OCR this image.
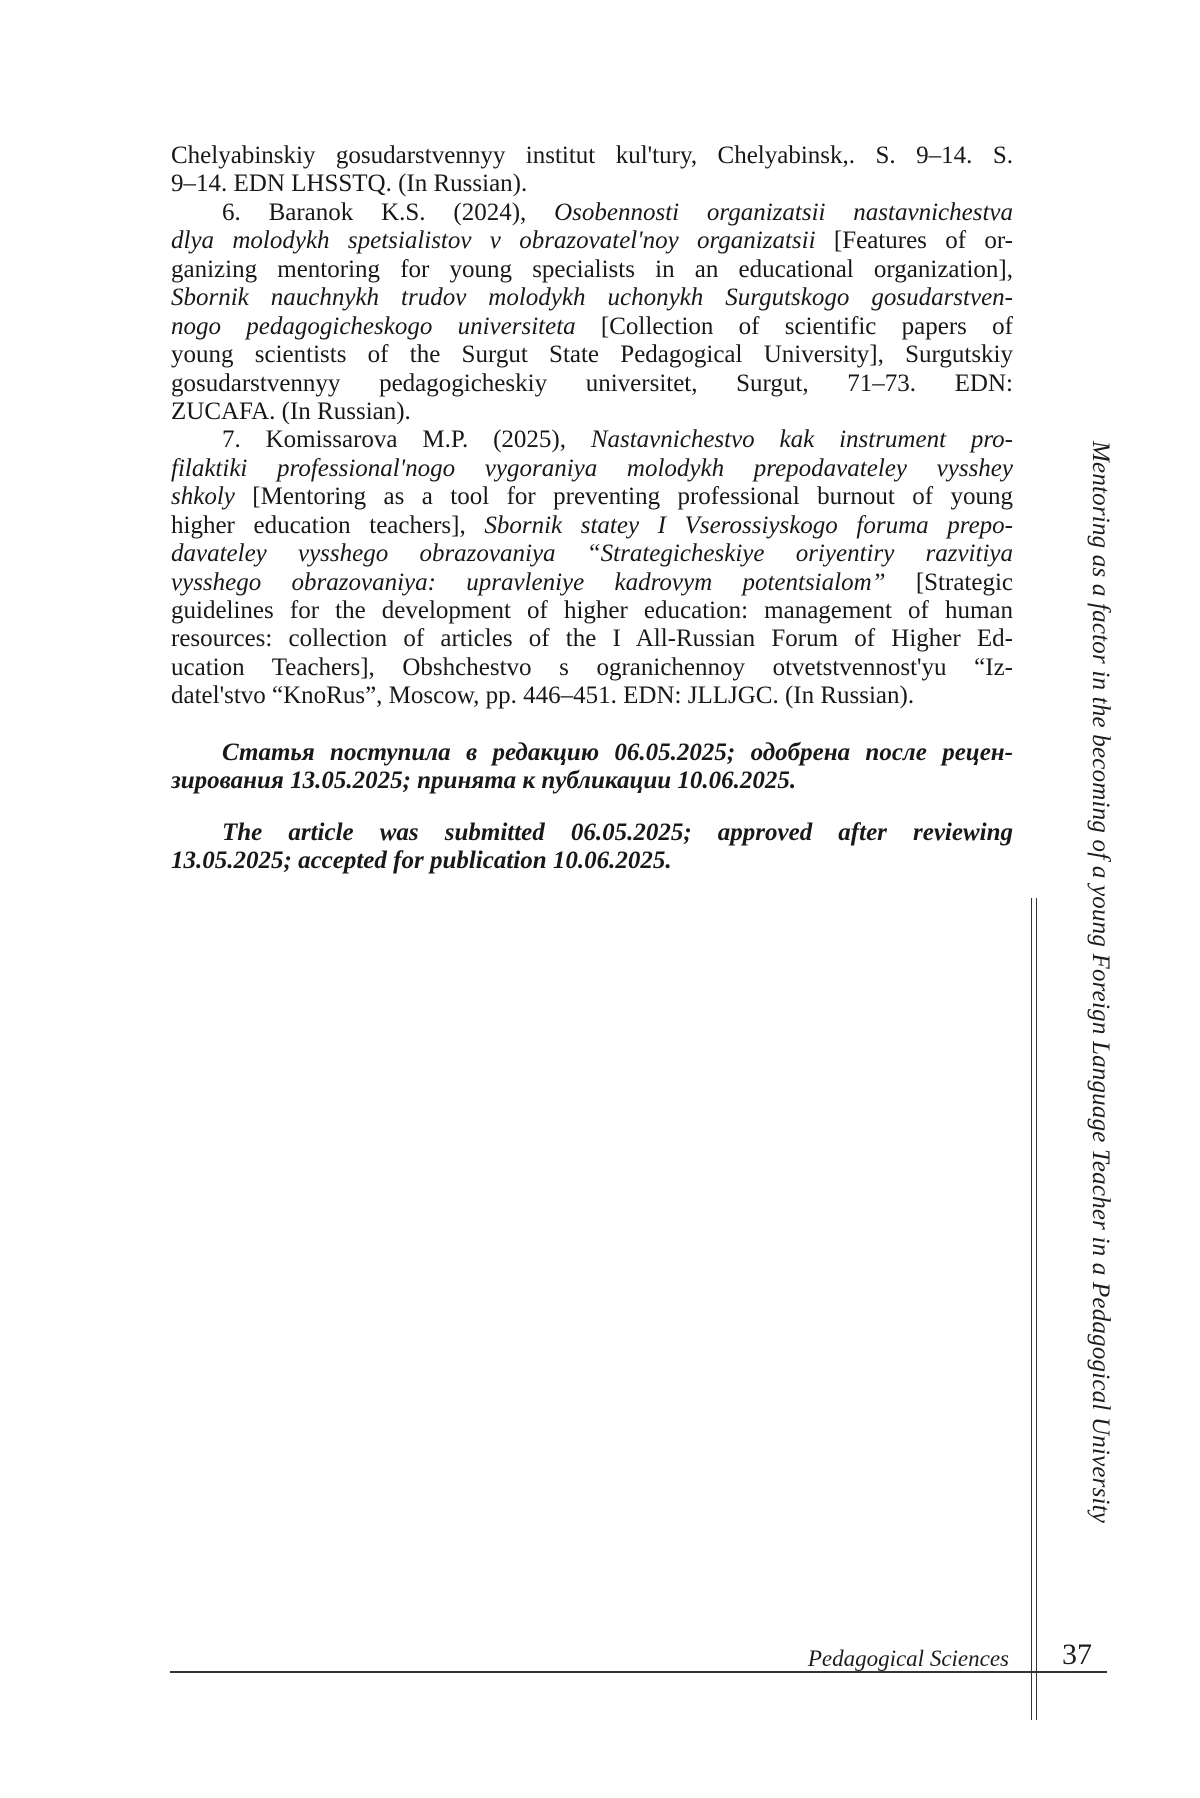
Chelyabinskiy gosudarstvennyy institut kul'tury, Chelyabinsk,. S. 9–14. S.
9–14. EDN LHSSTQ. (In Russian).
6. Baranok K.S. (2024), Osobennosti organizatsii nastavnichestva
dlya molodykh spetsialistov v obrazovatel'noy organizatsii [Features of or-
ganizing mentoring for young specialists in an educational organization],
Sbornik nauchnykh trudov molodykh uchonykh Surgutskogo gosudarstven-
nogo pedagogicheskogo universiteta [Collection of scientific papers of
young scientists of the Surgut State Pedagogical University], Surgutskiy
gosudarstvennyy pedagogicheskiy universitet, Surgut, 71–73. EDN:
ZUCAFA. (In Russian).
7. Komissarova M.P. (2025), Nastavnichestvo kak instrument pro-
filaktiki professional'nogo vygoraniya molodykh prepodavateley vysshey
shkoly [Mentoring as a tool for preventing professional burnout of young
higher education teachers], Sbornik statey I Vserossiyskogo foruma prepo-
davateley vysshego obrazovaniya “Strategicheskiye oriyentiry razvitiya
vysshego obrazovaniya: upravleniye kadrovym potentsialom” [Strategic
guidelines for the development of higher education: management of human
resources: collection of articles of the I All-Russian Forum of Higher Ed-
ucation Teachers], Obshchestvo s ogranichennoy otvetstvennost'yu “Iz-
datel'stvo “KnoRus”, Moscow, pp. 446–451. EDN: JLLJGC. (In Russian).
Статья поступила в редакцию 06.05.2025; одобрена после рецен-
зирования 13.05.2025; принята к публикации 10.06.2025.
The article was submitted 06.05.2025; approved after reviewing
13.05.2025; accepted for publication 10.06.2025.	Mentoring as a factor in the becoming of a young Foreign Language Teacher in a Pedagogical University
Pedagogical Sciences 37
